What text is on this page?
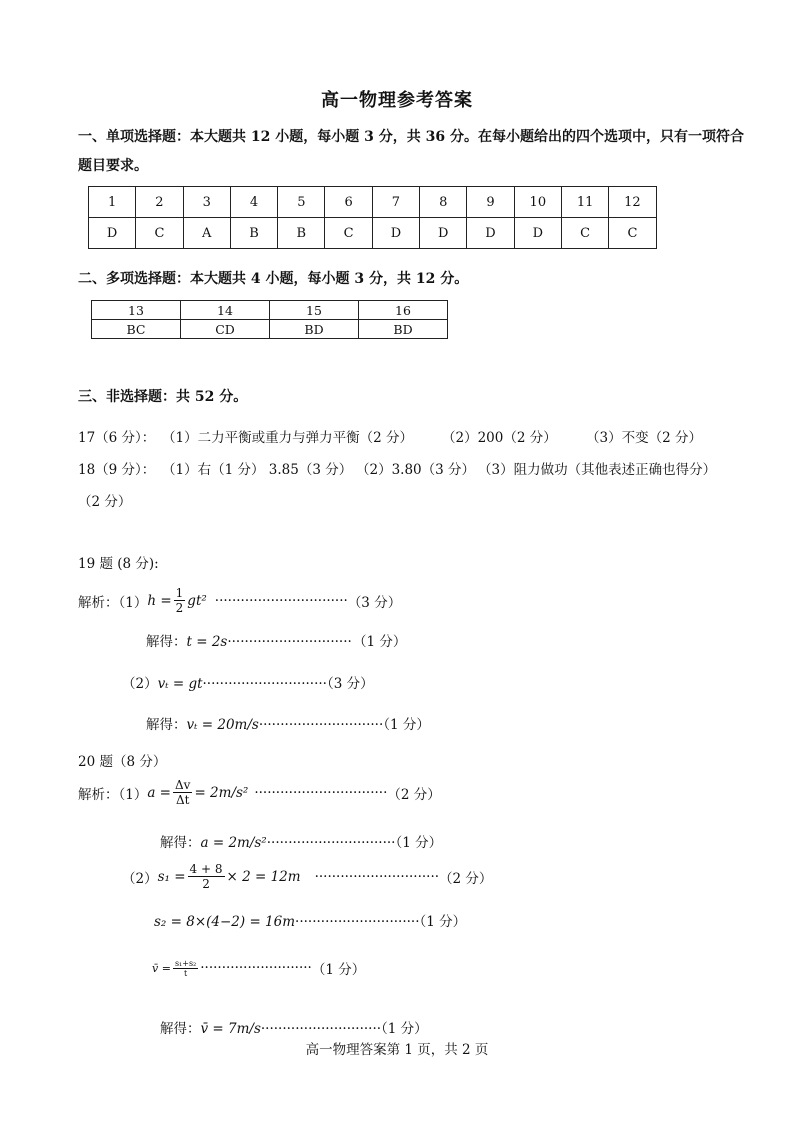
高一物理参考答案
一、单项选择题：本大题共 12 小题，每小题 3 分，共 36 分。在每小题给出的四个选项中，只有一项符合
题目要求。
1	2	3	4	5	6	7	8	9	10	11	12
D	C	A	B	B	C	D	D	D	D	C	C
二、多项选择题：本大题共 4 小题，每小题 3 分，共 12 分。
13	14	15	16
BC	CD	BD	BD
三、非选择题：共 52 分。
17（6 分）： （1）二力平衡或重力与弹力平衡（2 分） （2）200（2 分） （3）不变（2 分）
18（9 分）： （1）右（1 分） 3.85（3 分） （2）3.80（3 分） （3）阻力做功（其他表述正确也得分）
（2 分）
19 题 (8 分):
解析：（1） $h = \frac{1}{2} gt^2$ ······························· （3 分）
解得：t = 2s····························· （1 分）
（2）vₜ = gt·····························（3 分）
解得：vₜ = 20m/s·····························（1 分）
20 题（8 分）
解析：（1） $a = \frac{\Delta v}{\Delta t} = 2m/s^2$ ······························· （2 分）
解得：a = 2m/s²······························（1 分）
（2） $s_1 = \frac{4 + 8}{2} \times 2 = 12m$ ····························· （2 分）
s₂ = 8×(4−2) = 16m·····························（1 分）
v̄ = $\frac{\text{s₁+s₂}}{t}$ ·························· （1 分）
解得：v̄ = 7m/s····························（1 分）
高一物理答案第 1 页，共 2 页
